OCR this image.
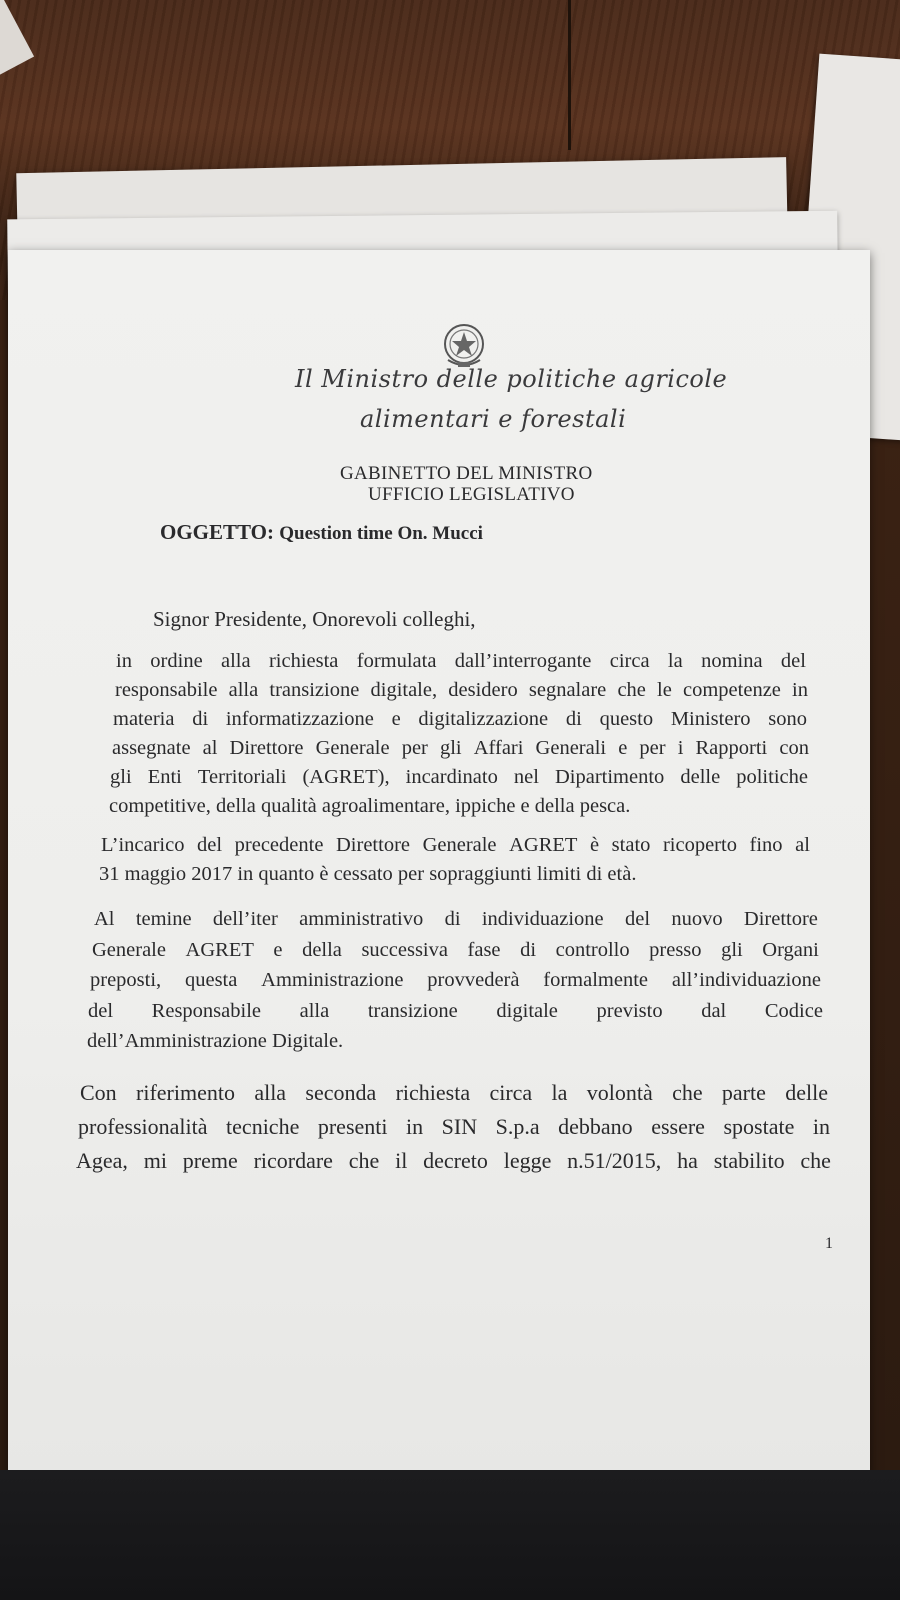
Il Ministro delle politiche agricole
alimentari e forestali
GABINETTO DEL MINISTRO
UFFICIO LEGISLATIVO
OGGETTO: Question time On. Mucci
Signor Presidente, Onorevoli colleghi,
in ordine alla richiesta formulata dall’interrogante circa la nomina del
responsabile alla transizione digitale, desidero segnalare che le competenze in
materia di informatizzazione e digitalizzazione di questo Ministero sono
assegnate al Direttore Generale per gli Affari Generali e per i Rapporti con
gli Enti Territoriali (AGRET), incardinato nel Dipartimento delle politiche
competitive, della qualità agroalimentare, ippiche e della pesca.
L’incarico del precedente Direttore Generale AGRET è stato ricoperto fino al
31 maggio 2017 in quanto è cessato per sopraggiunti limiti di età.
Al temine dell’iter amministrativo di individuazione del nuovo Direttore
Generale AGRET e della successiva fase di controllo presso gli Organi
preposti, questa Amministrazione provvederà formalmente all’individuazione
del Responsabile alla transizione digitale previsto dal Codice
dell’Amministrazione Digitale.
Con riferimento alla seconda richiesta circa la volontà che parte delle
professionalità tecniche presenti in SIN S.p.a debbano essere spostate in
Agea, mi preme ricordare che il decreto legge n.51/2015, ha stabilito che
1
